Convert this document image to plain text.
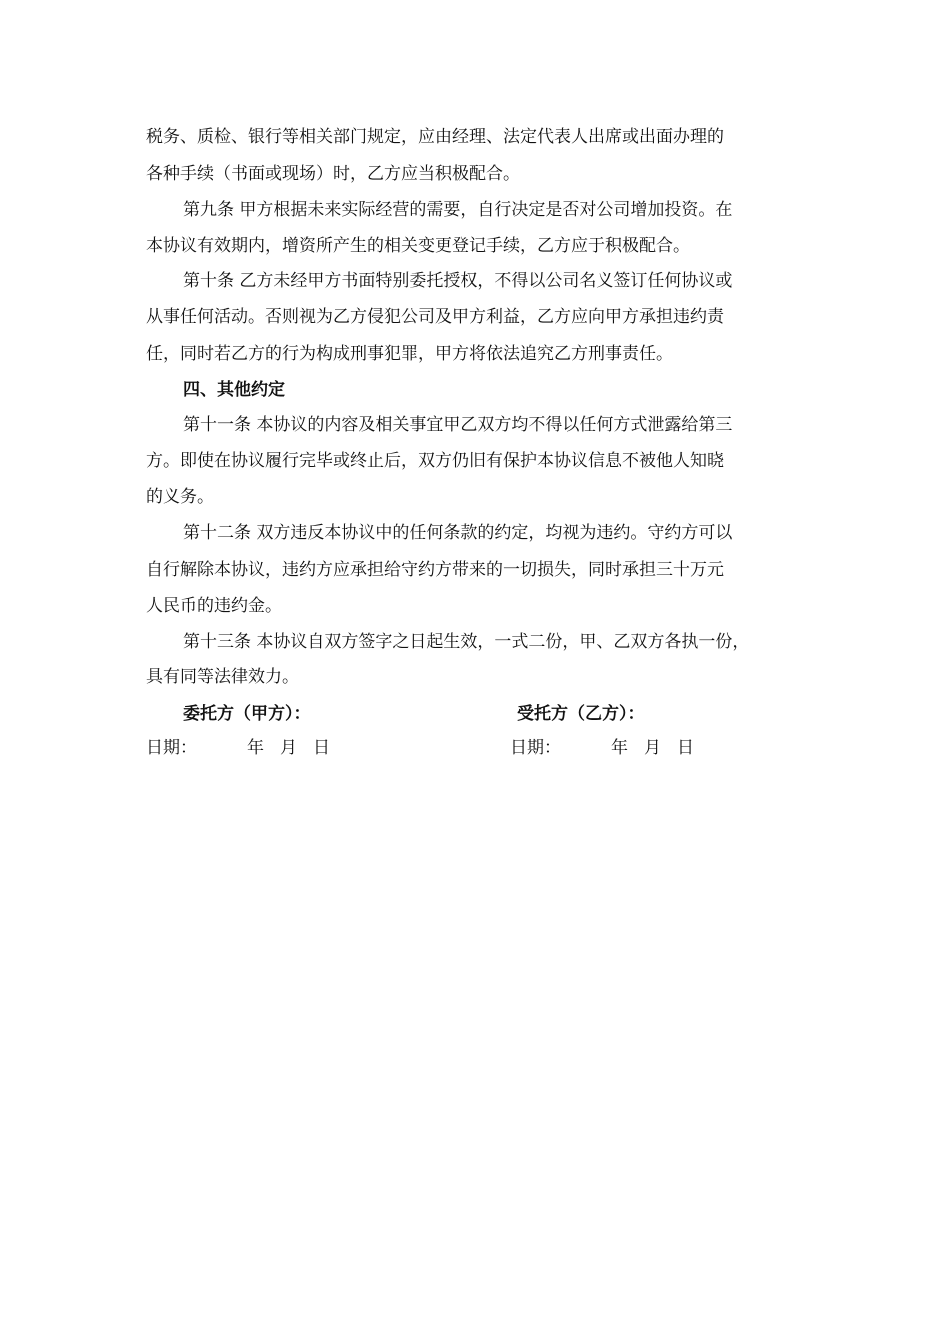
税务、质检、银行等相关部门规定，应由经理、法定代表人出席或出面办理的
各种手续（书面或现场）时，乙方应当积极配合。
第九条 甲方根据未来实际经营的需要，自行决定是否对公司增加投资。在
本协议有效期内，增资所产生的相关变更登记手续，乙方应于积极配合。
第十条 乙方未经甲方书面特别委托授权，不得以公司名义签订任何协议或
从事任何活动。否则视为乙方侵犯公司及甲方利益，乙方应向甲方承担违约责
任，同时若乙方的行为构成刑事犯罪，甲方将依法追究乙方刑事责任。
四、其他约定
第十一条 本协议的内容及相关事宜甲乙双方均不得以任何方式泄露给第三
方。即使在协议履行完毕或终止后，双方仍旧有保护本协议信息不被他人知晓
的义务。
第十二条 双方违反本协议中的任何条款的约定，均视为违约。守约方可以
自行解除本协议，违约方应承担给守约方带来的一切损失，同时承担三十万元
人民币的违约金。
第十三条 本协议自双方签字之日起生效，一式二份，甲、乙双方各执一份，
具有同等法律效力。
委托方（甲方）：	受托方（乙方）：
日期：	年 月 日	日期：	年 月 日
